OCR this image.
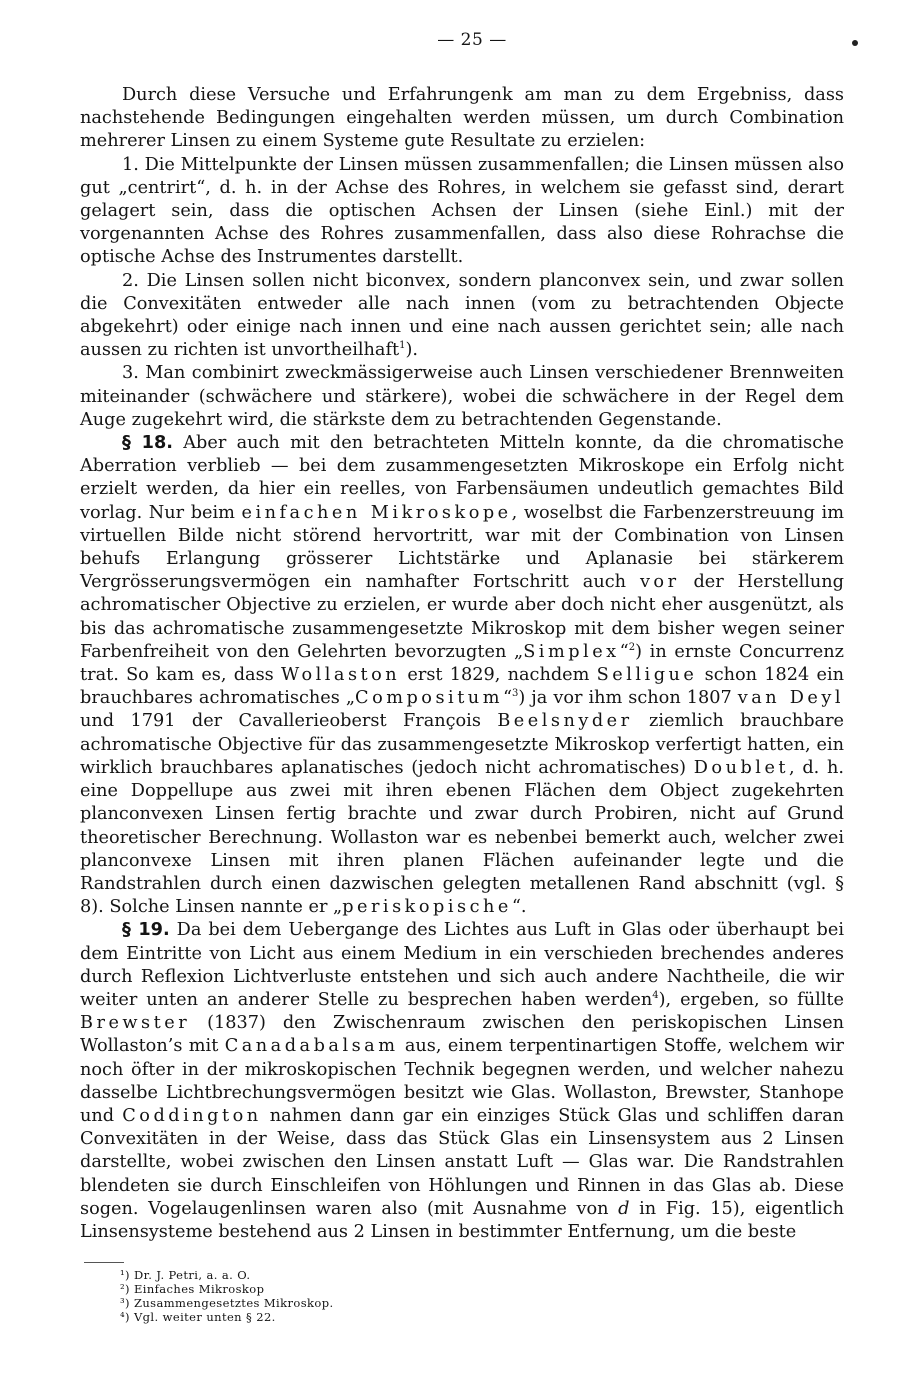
— 25 —

Durch diese Versuche und Erfahrungenk am man zu dem Ergebniss, dass nachstehende Bedingungen eingehalten werden müssen, um durch Combination mehrerer Linsen zu einem Systeme gute Resultate zu erzielen:

1. Die Mittelpunkte der Linsen müssen zusammenfallen; die Linsen müssen also gut „centrirt“, d. h. in der Achse des Rohres, in welchem sie gefasst sind, derart gelagert sein, dass die optischen Achsen der Linsen (siehe Einl.) mit der vorgenannten Achse des Rohres zusammenfallen, dass also diese Rohrachse die optische Achse des Instrumentes darstellt.

2. Die Linsen sollen nicht biconvex, sondern planconvex sein, und zwar sollen die Convexitäten entweder alle nach innen (vom zu betrachtenden Objecte abgekehrt) oder einige nach innen und eine nach aussen gerichtet sein; alle nach aussen zu richten ist unvortheilhaft$^1$).

3. Man combinirt zweckmässigerweise auch Linsen verschiedener Brennweiten miteinander (schwächere und stärkere), wobei die schwächere in der Regel dem Auge zugekehrt wird, die stärkste dem zu betrachtenden Gegenstande.

§ 18. Aber auch mit den betrachteten Mitteln konnte, da die chromatische Aberration verblieb — bei dem zusammengesetzten Mikroskope ein Erfolg nicht erzielt werden, da hier ein reelles, von Farbensäumen undeutlich gemachtes Bild vorlag. Nur beim einfachen Mikroskope, woselbst die Farbenzerstreuung im virtuellen Bilde nicht störend hervortritt, war mit der Combination von Linsen behufs Erlangung grösserer Lichtstärke und Aplanasie bei stärkerem Vergrösserungsvermögen ein namhafter Fortschritt auch vor der Herstellung achromatischer Objective zu erzielen, er wurde aber doch nicht eher ausgenützt, als bis das achromatische zusammengesetzte Mikroskop mit dem bisher wegen seiner Farbenfreiheit von den Gelehrten bevorzugten „Simplex“$^2$) in ernste Concurrenz trat. So kam es, dass Wollaston erst 1829, nachdem Selligue schon 1824 ein brauchbares achromatisches „Compositum“$^3$) ja vor ihm schon 1807 van Deyl und 1791 der Cavallerieoberst François Beelsnyder ziemlich brauchbare achromatische Objective für das zusammengesetzte Mikroskop verfertigt hatten, ein wirklich brauchbares aplanatisches (jedoch nicht achromatisches) Doublet, d. h. eine Doppellupe aus zwei mit ihren ebenen Flächen dem Object zugekehrten planconvexen Linsen fertig brachte und zwar durch Probiren, nicht auf Grund theoretischer Berechnung. Wollaston war es nebenbei bemerkt auch, welcher zwei planconvexe Linsen mit ihren planen Flächen aufeinander legte und die Randstrahlen durch einen dazwischen gelegten metallenen Rand abschnitt (vgl. § 8). Solche Linsen nannte er „periskopische“.

§ 19. Da bei dem Uebergange des Lichtes aus Luft in Glas oder überhaupt bei dem Eintritte von Licht aus einem Medium in ein verschieden brechendes anderes durch Reflexion Lichtverluste entstehen und sich auch andere Nachtheile, die wir weiter unten an anderer Stelle zu besprechen haben werden$^4$), ergeben, so füllte Brewster (1837) den Zwischenraum zwischen den periskopischen Linsen Wollaston’s mit Canadabalsam aus, einem terpentinartigen Stoffe, welchem wir noch öfter in der mikroskopischen Technik begegnen werden, und welcher nahezu dasselbe Lichtbrechungsvermögen besitzt wie Glas. Wollaston, Brewster, Stanhope und Coddington nahmen dann gar ein einziges Stück Glas und schliffen daran Convexitäten in der Weise, dass das Stück Glas ein Linsensystem aus 2 Linsen darstellte, wobei zwischen den Linsen anstatt Luft — Glas war. Die Randstrahlen blendeten sie durch Einschleifen von Höhlungen und Rinnen in das Glas ab. Diese sogen. Vogelaugenlinsen waren also (mit Ausnahme von d in Fig. 15), eigentlich Linsensysteme bestehend aus 2 Linsen in bestimmter Entfernung, um die beste

¹) Dr. J. Petri, a. a. O.
²) Einfaches Mikroskop
³) Zusammengesetztes Mikroskop.
⁴) Vgl. weiter unten § 22.
